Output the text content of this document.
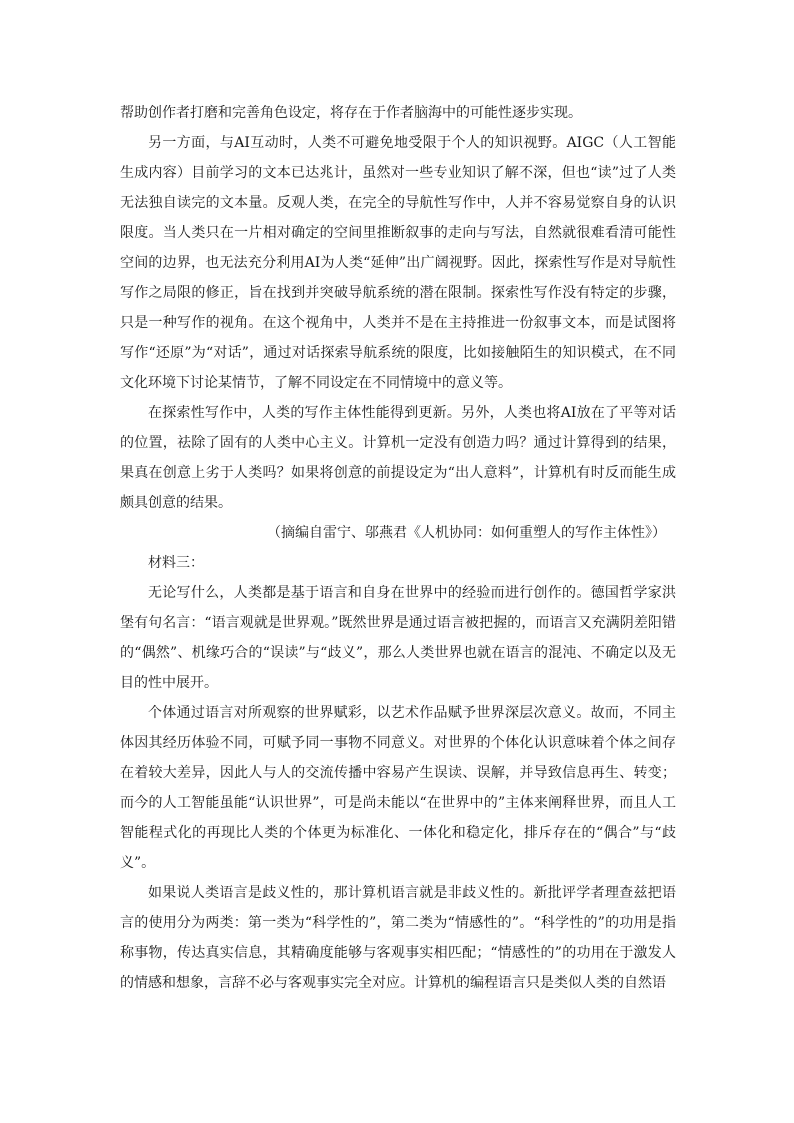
帮助创作者打磨和完善角色设定，将存在于作者脑海中的可能性逐步实现。

另一方面，与AI互动时，人类不可避免地受限于个人的知识视野。AIGC（人工智能生成内容）目前学习的文本已达兆计，虽然对一些专业知识了解不深，但也“读”过了人类无法独自读完的文本量。反观人类，在完全的导航性写作中，人并不容易觉察自身的认识限度。当人类只在一片相对确定的空间里推断叙事的走向与写法，自然就很难看清可能性空间的边界，也无法充分利用AI为人类“延伸”出广阔视野。因此，探索性写作是对导航性写作之局限的修正，旨在找到并突破导航系统的潜在限制。探索性写作没有特定的步骤，只是一种写作的视角。在这个视角中，人类并不是在主持推进一份叙事文本，而是试图将写作“还原”为“对话”，通过对话探索导航系统的限度，比如接触陌生的知识模式，在不同文化环境下讨论某情节，了解不同设定在不同情境中的意义等。

在探索性写作中，人类的写作主体性能得到更新。另外，人类也将AI放在了平等对话的位置，祛除了固有的人类中心主义。计算机一定没有创造力吗？通过计算得到的结果，果真在创意上劣于人类吗？如果将创意的前提设定为“出人意料”，计算机有时反而能生成颇具创意的结果。

（摘编自雷宁、邬燕君《人机协同：如何重塑人的写作主体性》）

材料三：

无论写什么，人类都是基于语言和自身在世界中的经验而进行创作的。德国哲学家洪堡有句名言：“语言观就是世界观。”既然世界是通过语言被把握的，而语言又充满阴差阳错的“偶然”、机缘巧合的“误读”与“歧义”，那么人类世界也就在语言的混沌、不确定以及无目的性中展开。

个体通过语言对所观察的世界赋彩，以艺术作品赋予世界深层次意义。故而，不同主体因其经历体验不同，可赋予同一事物不同意义。对世界的个体化认识意味着个体之间存在着较大差异，因此人与人的交流传播中容易产生误读、误解，并导致信息再生、转变；而今的人工智能虽能“认识世界”，可是尚未能以“在世界中的”主体来阐释世界，而且人工智能程式化的再现比人类的个体更为标准化、一体化和稳定化，排斥存在的“偶合”与“歧义”。

如果说人类语言是歧义性的，那计算机语言就是非歧义性的。新批评学者理查兹把语言的使用分为两类：第一类为“科学性的”，第二类为“情感性的”。“科学性的”的功用是指称事物，传达真实信息，其精确度能够与客观事实相匹配；“情感性的”的功用在于激发人的情感和想象，言辞不必与客观事实完全对应。计算机的编程语言只是类似人类的自然语
